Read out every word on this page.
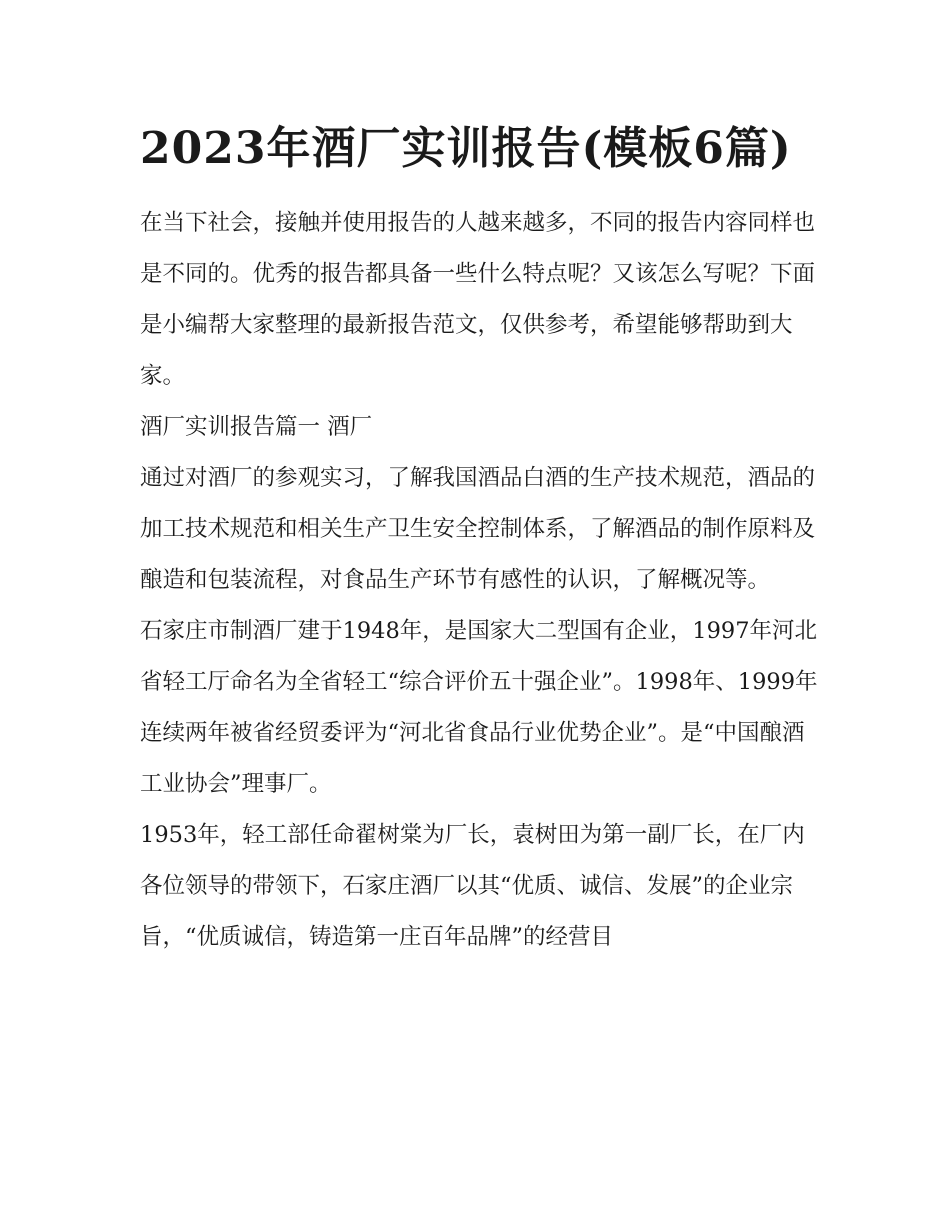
2023年酒厂实训报告(模板6篇)

在当下社会，接触并使用报告的人越来越多，不同的报告内容同样也是不同的。优秀的报告都具备一些什么特点呢？又该怎么写呢？下面是小编帮大家整理的最新报告范文，仅供参考，希望能够帮助到大家。

酒厂实训报告篇一 酒厂

通过对酒厂的参观实习，了解我国酒品白酒的生产技术规范，酒品的加工技术规范和相关生产卫生安全控制体系，了解酒品的制作原料及酿造和包装流程，对食品生产环节有感性的认识，了解概况等。

石家庄市制酒厂建于1948年，是国家大二型国有企业，1997年河北省轻工厅命名为全省轻工“综合评价五十强企业”。1998年、1999年连续两年被省经贸委评为“河北省食品行业优势企业”。是“中国酿酒工业协会”理事厂。

1953年，轻工部任命翟树棠为厂长，袁树田为第一副厂长，在厂内各位领导的带领下，石家庄酒厂以其“优质、诚信、发展”的企业宗旨，“优质诚信，铸造第一庄百年品牌”的经营目
